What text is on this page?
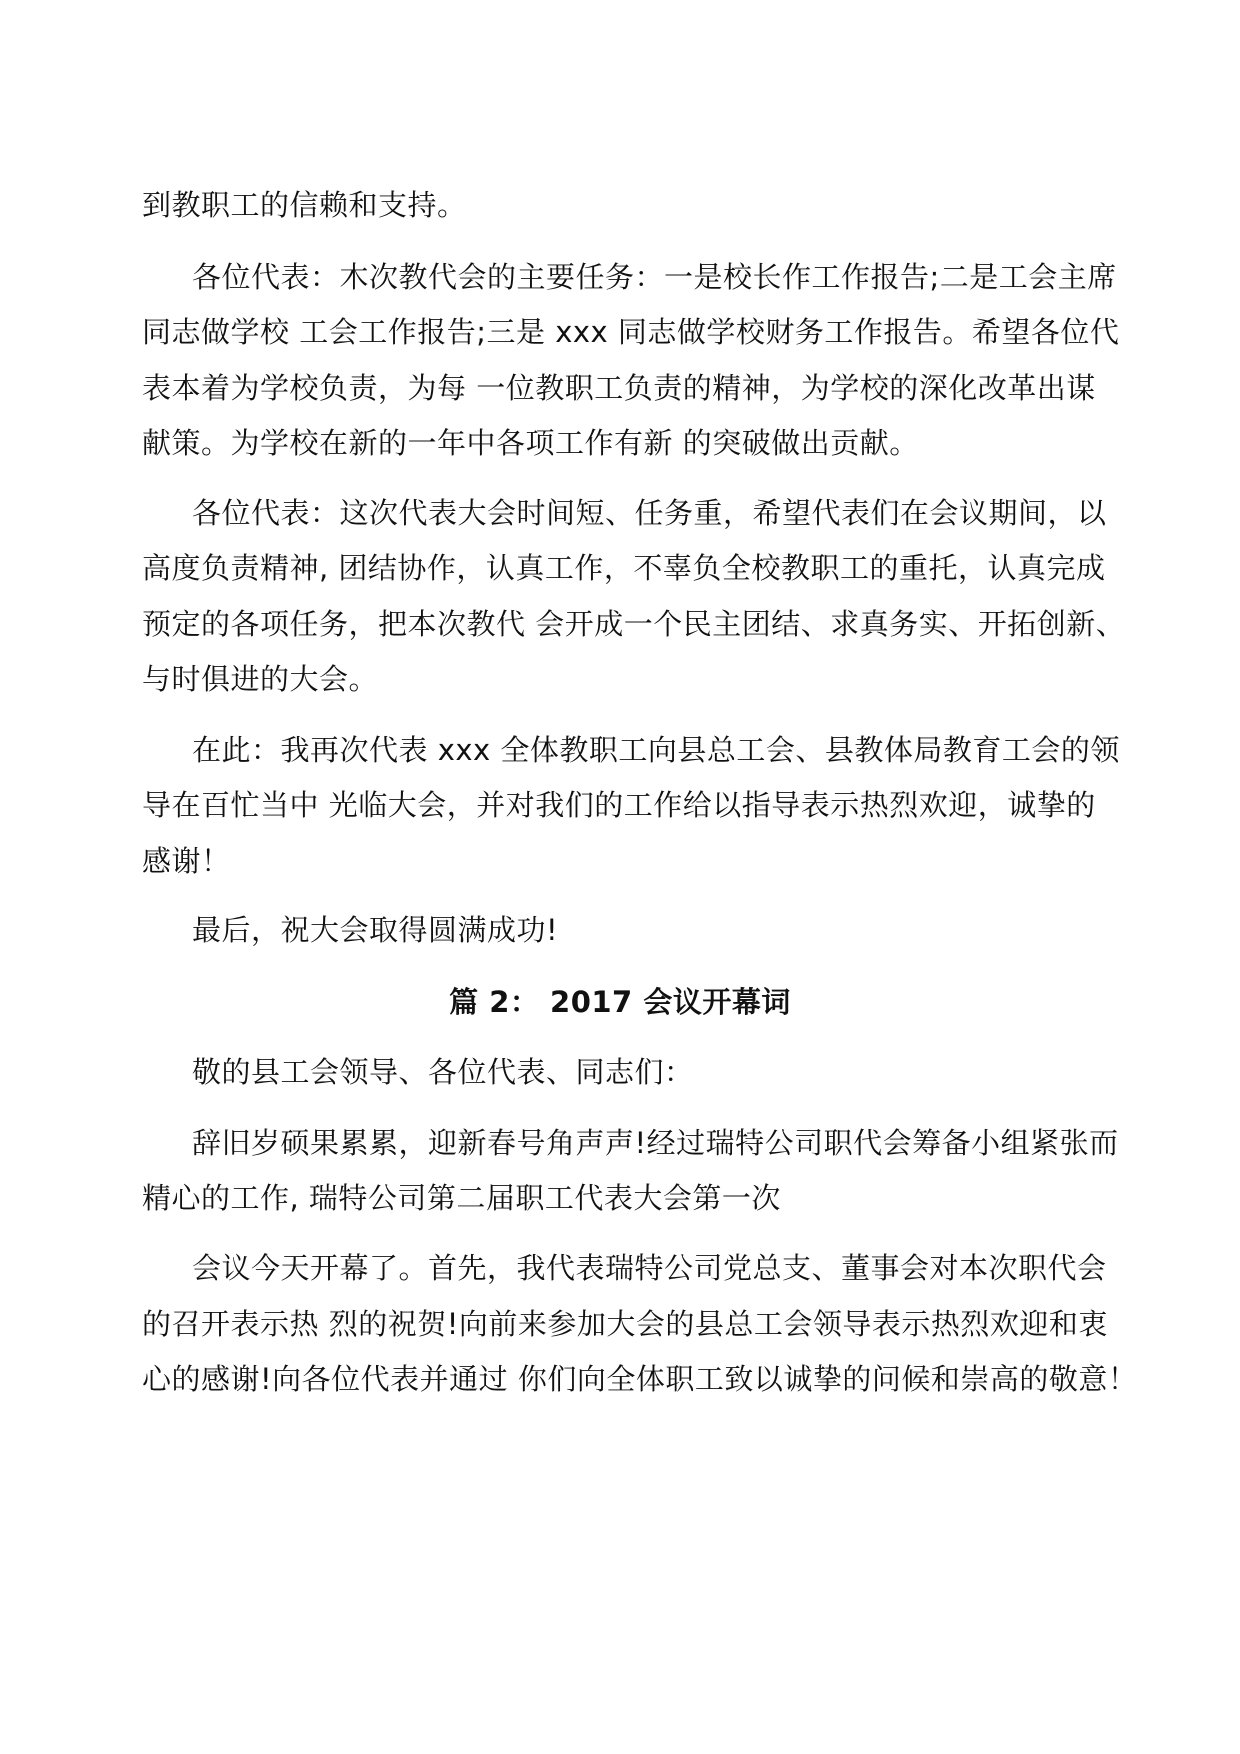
到教职工的信赖和支持。
各位代表：木次教代会的主要任务：一是校长作工作报告;二是工会主席
同志做学校 工会工作报告;三是 xxx 同志做学校财务工作报告。希望各位代
表本着为学校负责，为每 一位教职工负责的精神，为学校的深化改革出谋
献策。为学校在新的一年中各项工作有新 的突破做出贡献。
各位代表：这次代表大会时间短、任务重，希望代表们在会议期间，以
高度负责精神, 团结协作，认真工作，不辜负全校教职工的重托，认真完成
预定的各项任务，把本次教代 会开成一个民主团结、求真务实、开拓创新、
与时俱进的大会。
在此：我再次代表 xxx 全体教职工向县总工会、县教体局教育工会的领
导在百忙当中 光临大会，并对我们的工作给以指导表示热烈欢迎，诚挚的
感谢！
最后，祝大会取得圆满成功!
篇 2： 2017 会议开幕词
敬的县工会领导、各位代表、同志们：
辞旧岁硕果累累，迎新春号角声声!经过瑞特公司职代会筹备小组紧张而
精心的工作, 瑞特公司第二届职工代表大会第一次
会议今天开幕了。首先，我代表瑞特公司党总支、董事会对本次职代会
的召开表示热 烈的祝贺!向前来参加大会的县总工会领导表示热烈欢迎和衷
心的感谢!向各位代表并通过 你们向全体职工致以诚挚的问候和崇高的敬意！
